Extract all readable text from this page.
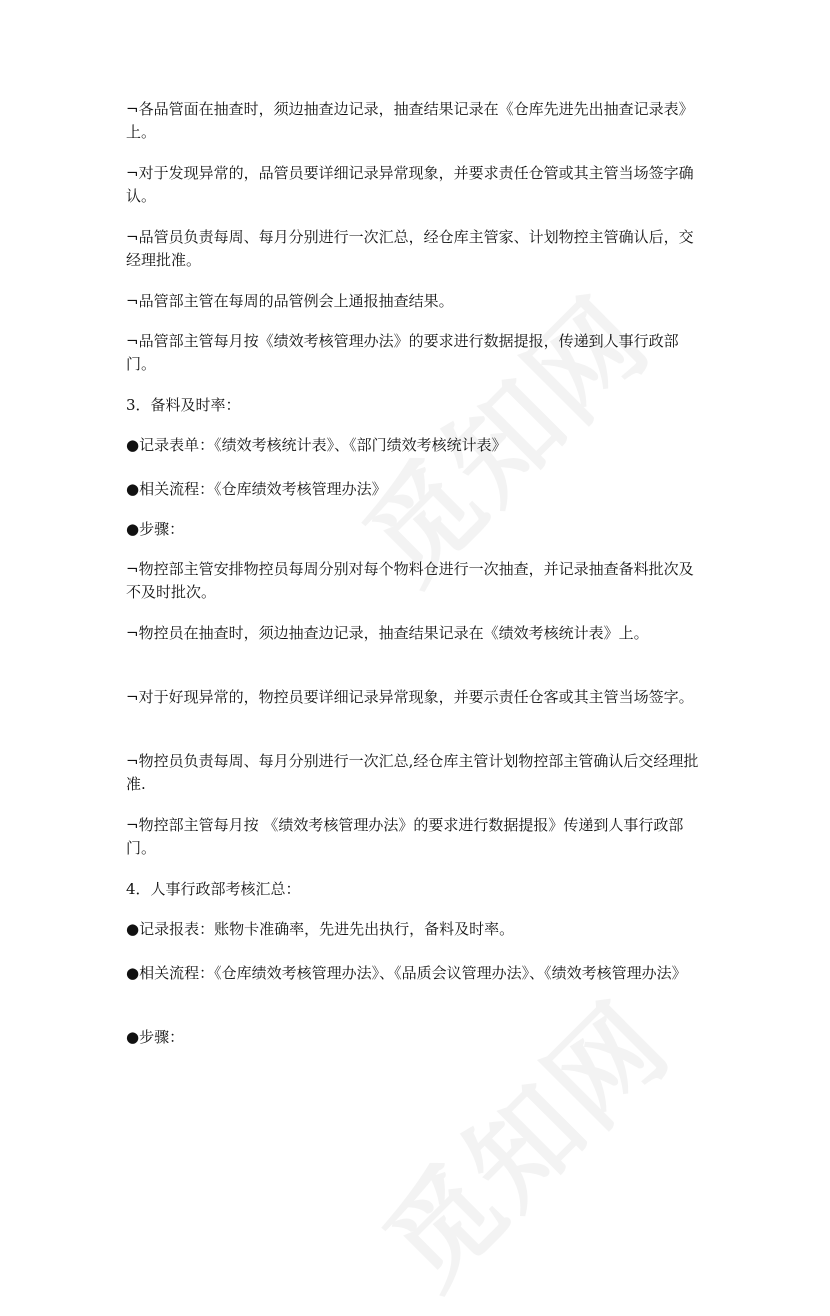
¬各品管面在抽查时，须边抽查边记录，抽查结果记录在《仓库先进先出抽查记录表》上。

¬对于发现异常的，品管员要详细记录异常现象，并要求责任仓管或其主管当场签字确认。

¬品管员负责每周、每月分别进行一次汇总，经仓库主管家、计划物控主管确认后，交经理批准。

¬品管部主管在每周的品管例会上通报抽查结果。

¬品管部主管每月按《绩效考核管理办法》的要求进行数据提报，传递到人事行政部门。

3．备料及时率：

●记录表单：《绩效考核统计表》、《部门绩效考核统计表》

●相关流程：《仓库绩效考核管理办法》

●步骤：

¬物控部主管安排物控员每周分别对每个物料仓进行一次抽查，并记录抽查备料批次及不及时批次。

¬物控员在抽查时，须边抽查边记录，抽查结果记录在《绩效考核统计表》上。

¬对于好现异常的，物控员要详细记录异常现象，并要示责任仓客或其主管当场签字。

¬物控员负责每周、每月分别进行一次汇总,经仓库主管计划物控部主管确认后交经理批准.

¬物控部主管每月按 《绩效考核管理办法》的要求进行数据提报》传递到人事行政部门。

4．人事行政部考核汇总：

●记录报表：账物卡准确率，先进先出执行，备料及时率。

●相关流程：《仓库绩效考核管理办法》、《品质会议管理办法》、《绩效考核管理办法》

●步骤：
